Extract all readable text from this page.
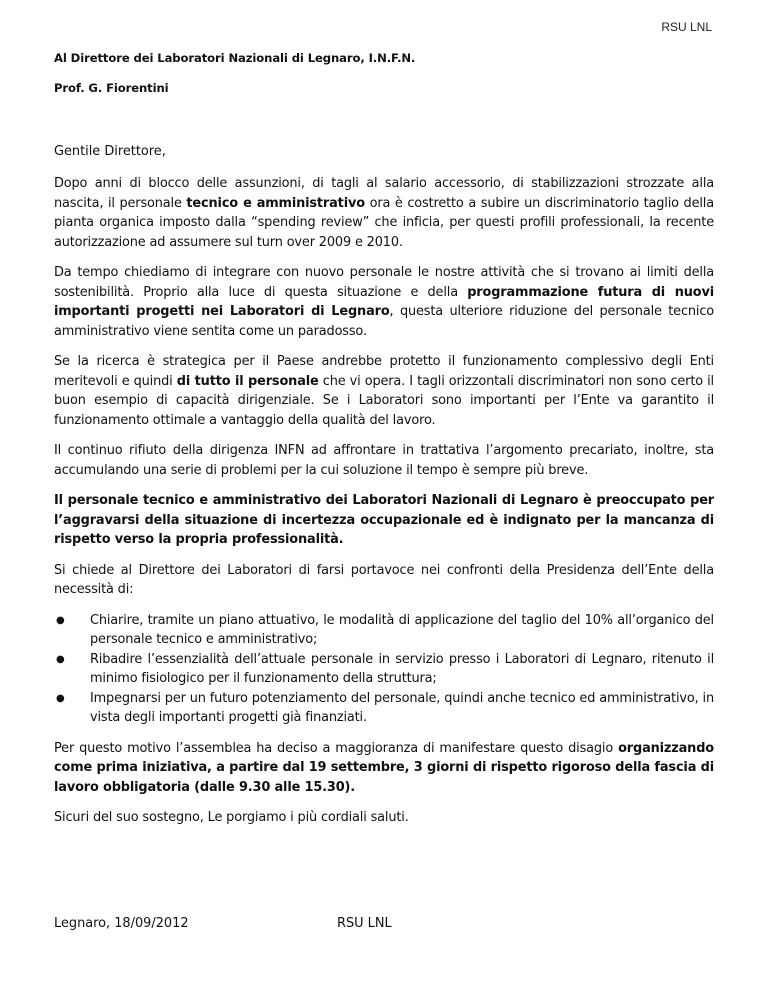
RSU LNL
Al Direttore dei Laboratori Nazionali di Legnaro, I.N.F.N.
Prof. G. Fiorentini
Gentile Direttore,

Dopo anni di blocco delle assunzioni, di tagli al salario accessorio, di stabilizzazioni strozzate alla nascita, il personale tecnico e amministrativo ora è costretto a subire un discriminatorio taglio della pianta organica imposto dalla “spending review” che inficia, per questi profili professionali, la recente autorizzazione ad assumere sul turn over 2009 e 2010.

Da tempo chiediamo di integrare con nuovo personale le nostre attività che si trovano ai limiti della sostenibilità. Proprio alla luce di questa situazione e della programmazione futura di nuovi importanti progetti nei Laboratori di Legnaro, questa ulteriore riduzione del personale tecnico amministrativo viene sentita come un paradosso.

Se la ricerca è strategica per il Paese andrebbe protetto il funzionamento complessivo degli Enti meritevoli e quindi di tutto il personale che vi opera. I tagli orizzontali discriminatori non sono certo il buon esempio di capacità dirigenziale. Se i Laboratori sono importanti per l’Ente va garantito il funzionamento ottimale a vantaggio della qualità del lavoro.

Il continuo rifiuto della dirigenza INFN ad affrontare in trattativa l’argomento precariato, inoltre, sta accumulando una serie di problemi per la cui soluzione il tempo è sempre più breve.

Il personale tecnico e amministrativo dei Laboratori Nazionali di Legnaro è preoccupato per l’aggravarsi della situazione di incertezza occupazionale ed è indignato per la mancanza di rispetto verso la propria professionalità.

Si chiede al Direttore dei Laboratori di farsi portavoce nei confronti della Presidenza dell’Ente della necessità di:

● Chiarire, tramite un piano attuativo, le modalità di applicazione del taglio del 10% all’organico del personale tecnico e amministrativo;
● Ribadire l’essenzialità dell’attuale personale in servizio presso i Laboratori di Legnaro, ritenuto il minimo fisiologico per il funzionamento della struttura;
● Impegnarsi per un futuro potenziamento del personale, quindi anche tecnico ed amministrativo, in vista degli importanti progetti già finanziati.

Per questo motivo l’assemblea ha deciso a maggioranza di manifestare questo disagio organizzando come prima iniziativa, a partire dal 19 settembre, 3 giorni di rispetto rigoroso della fascia di lavoro obbligatoria (dalle 9.30 alle 15.30).

Sicuri del suo sostegno, Le porgiamo i più cordiali saluti.

Legnaro, 18/09/2012	RSU LNL
